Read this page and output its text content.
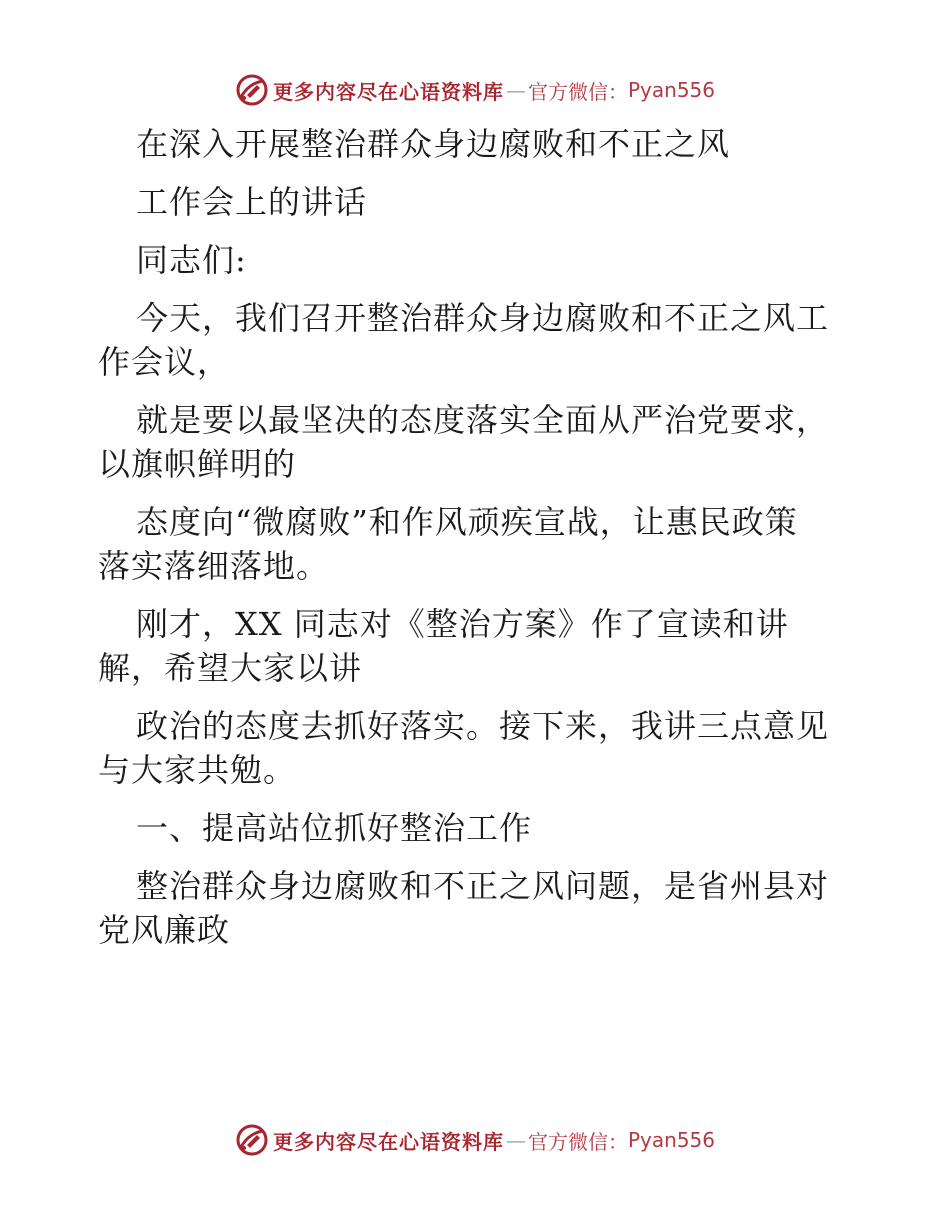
更多内容尽在心语资料库 — 官方微信： Pyan556
在深入开展整治群众身边腐败和不正之风
工作会上的讲话
同志们:
今天，我们召开整治群众身边腐败和不正之风工
作会议，
就是要以最坚决的态度落实全面从严治党要求，
以旗帜鲜明的
态度向“微腐败”和作风顽疾宣战，让惠民政策
落实落细落地。
刚才，XX 同志对《整治方案》作了宣读和讲
解，希望大家以讲
政治的态度去抓好落实。接下来，我讲三点意见
与大家共勉。
一、提高站位抓好整治工作
整治群众身边腐败和不正之风问题，是省州县对
党风廉政
更多内容尽在心语资料库 — 官方微信： Pyan556
